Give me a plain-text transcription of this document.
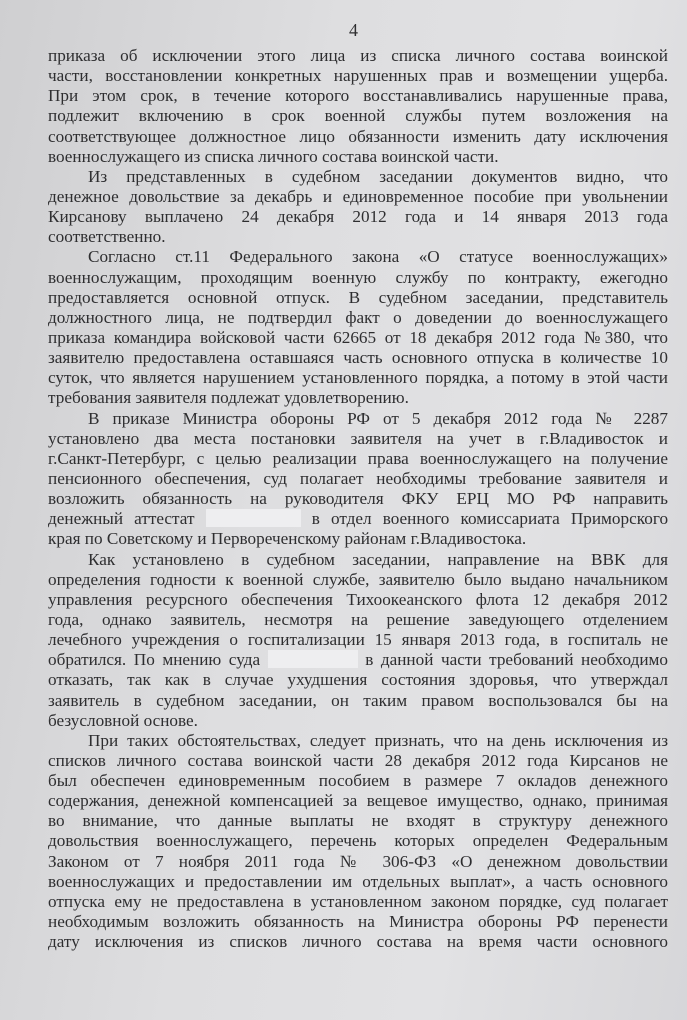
4
приказа об исключении этого лица из списка личного состава воинской
части, восстановлении конкретных нарушенных прав и возмещении ущерба.
При этом срок, в течение которого восстанавливались нарушенные права,
подлежит включению в срок военной службы путем возложения на
соответствующее должностное лицо обязанности изменить дату исключения
военнослужащего из списка личного состава воинской части.
Из представленных в судебном заседании документов видно, что
денежное довольствие за декабрь и единовременное пособие при увольнении
Кирсанову выплачено 24 декабря 2012 года и 14 января 2013 года
соответственно.
Согласно ст.11 Федерального закона «О статусе военнослужащих»
военнослужащим, проходящим военную службу по контракту, ежегодно
предоставляется основной отпуск. В судебном заседании, представитель
должностного лица, не подтвердил факт о доведении до военнослужащего
приказа командира войсковой части 62665 от 18 декабря 2012 года №380, что
заявителю предоставлена оставшаяся часть основного отпуска в количестве 10
суток, что является нарушением установленного порядка, а потому в этой части
требования заявителя подлежат удовлетворению.
В приказе Министра обороны РФ от 5 декабря 2012 года № 2287
установлено два места постановки заявителя на учет в г.Владивосток и
г.Санкт-Петербург, с целью реализации права военнослужащего на получение
пенсионного обеспечения, суд полагает необходимы требование заявителя и
возложить обязанность на руководителя ФКУ ЕРЦ МО РФ направить
денежный аттестат	в отдел военного комиссариата Приморского
края по Советскому и Первореченскому районам г.Владивостока.
Как установлено в судебном заседании, направление на ВВК для
определения годности к военной службе, заявителю было выдано начальником
управления ресурсного обеспечения Тихоокеанского флота 12 декабря 2012
года, однако заявитель, несмотря на решение заведующего отделением
лечебного учреждения о госпитализации 15 января 2013 года, в госпиталь не
обратился. По мнению суда	в данной части требований необходимо
отказать, так как в случае ухудшения состояния здоровья, что утверждал
заявитель в судебном заседании, он таким правом воспользовался бы на
безусловной основе.
При таких обстоятельствах, следует признать, что на день исключения из
списков личного состава воинской части 28 декабря 2012 года Кирсанов не
был обеспечен единовременным пособием в размере 7 окладов денежного
содержания, денежной компенсацией за вещевое имущество, однако, принимая
во внимание, что данные выплаты не входят в структуру денежного
довольствия военнослужащего, перечень которых определен Федеральным
Законом от 7 ноября 2011 года № 306-ФЗ «О денежном довольствии
военнослужащих и предоставлении им отдельных выплат», а часть основного
отпуска ему не предоставлена в установленном законом порядке, суд полагает
необходимым возложить обязанность на Министра обороны РФ перенести
дату исключения из списков личного состава на время части основного
